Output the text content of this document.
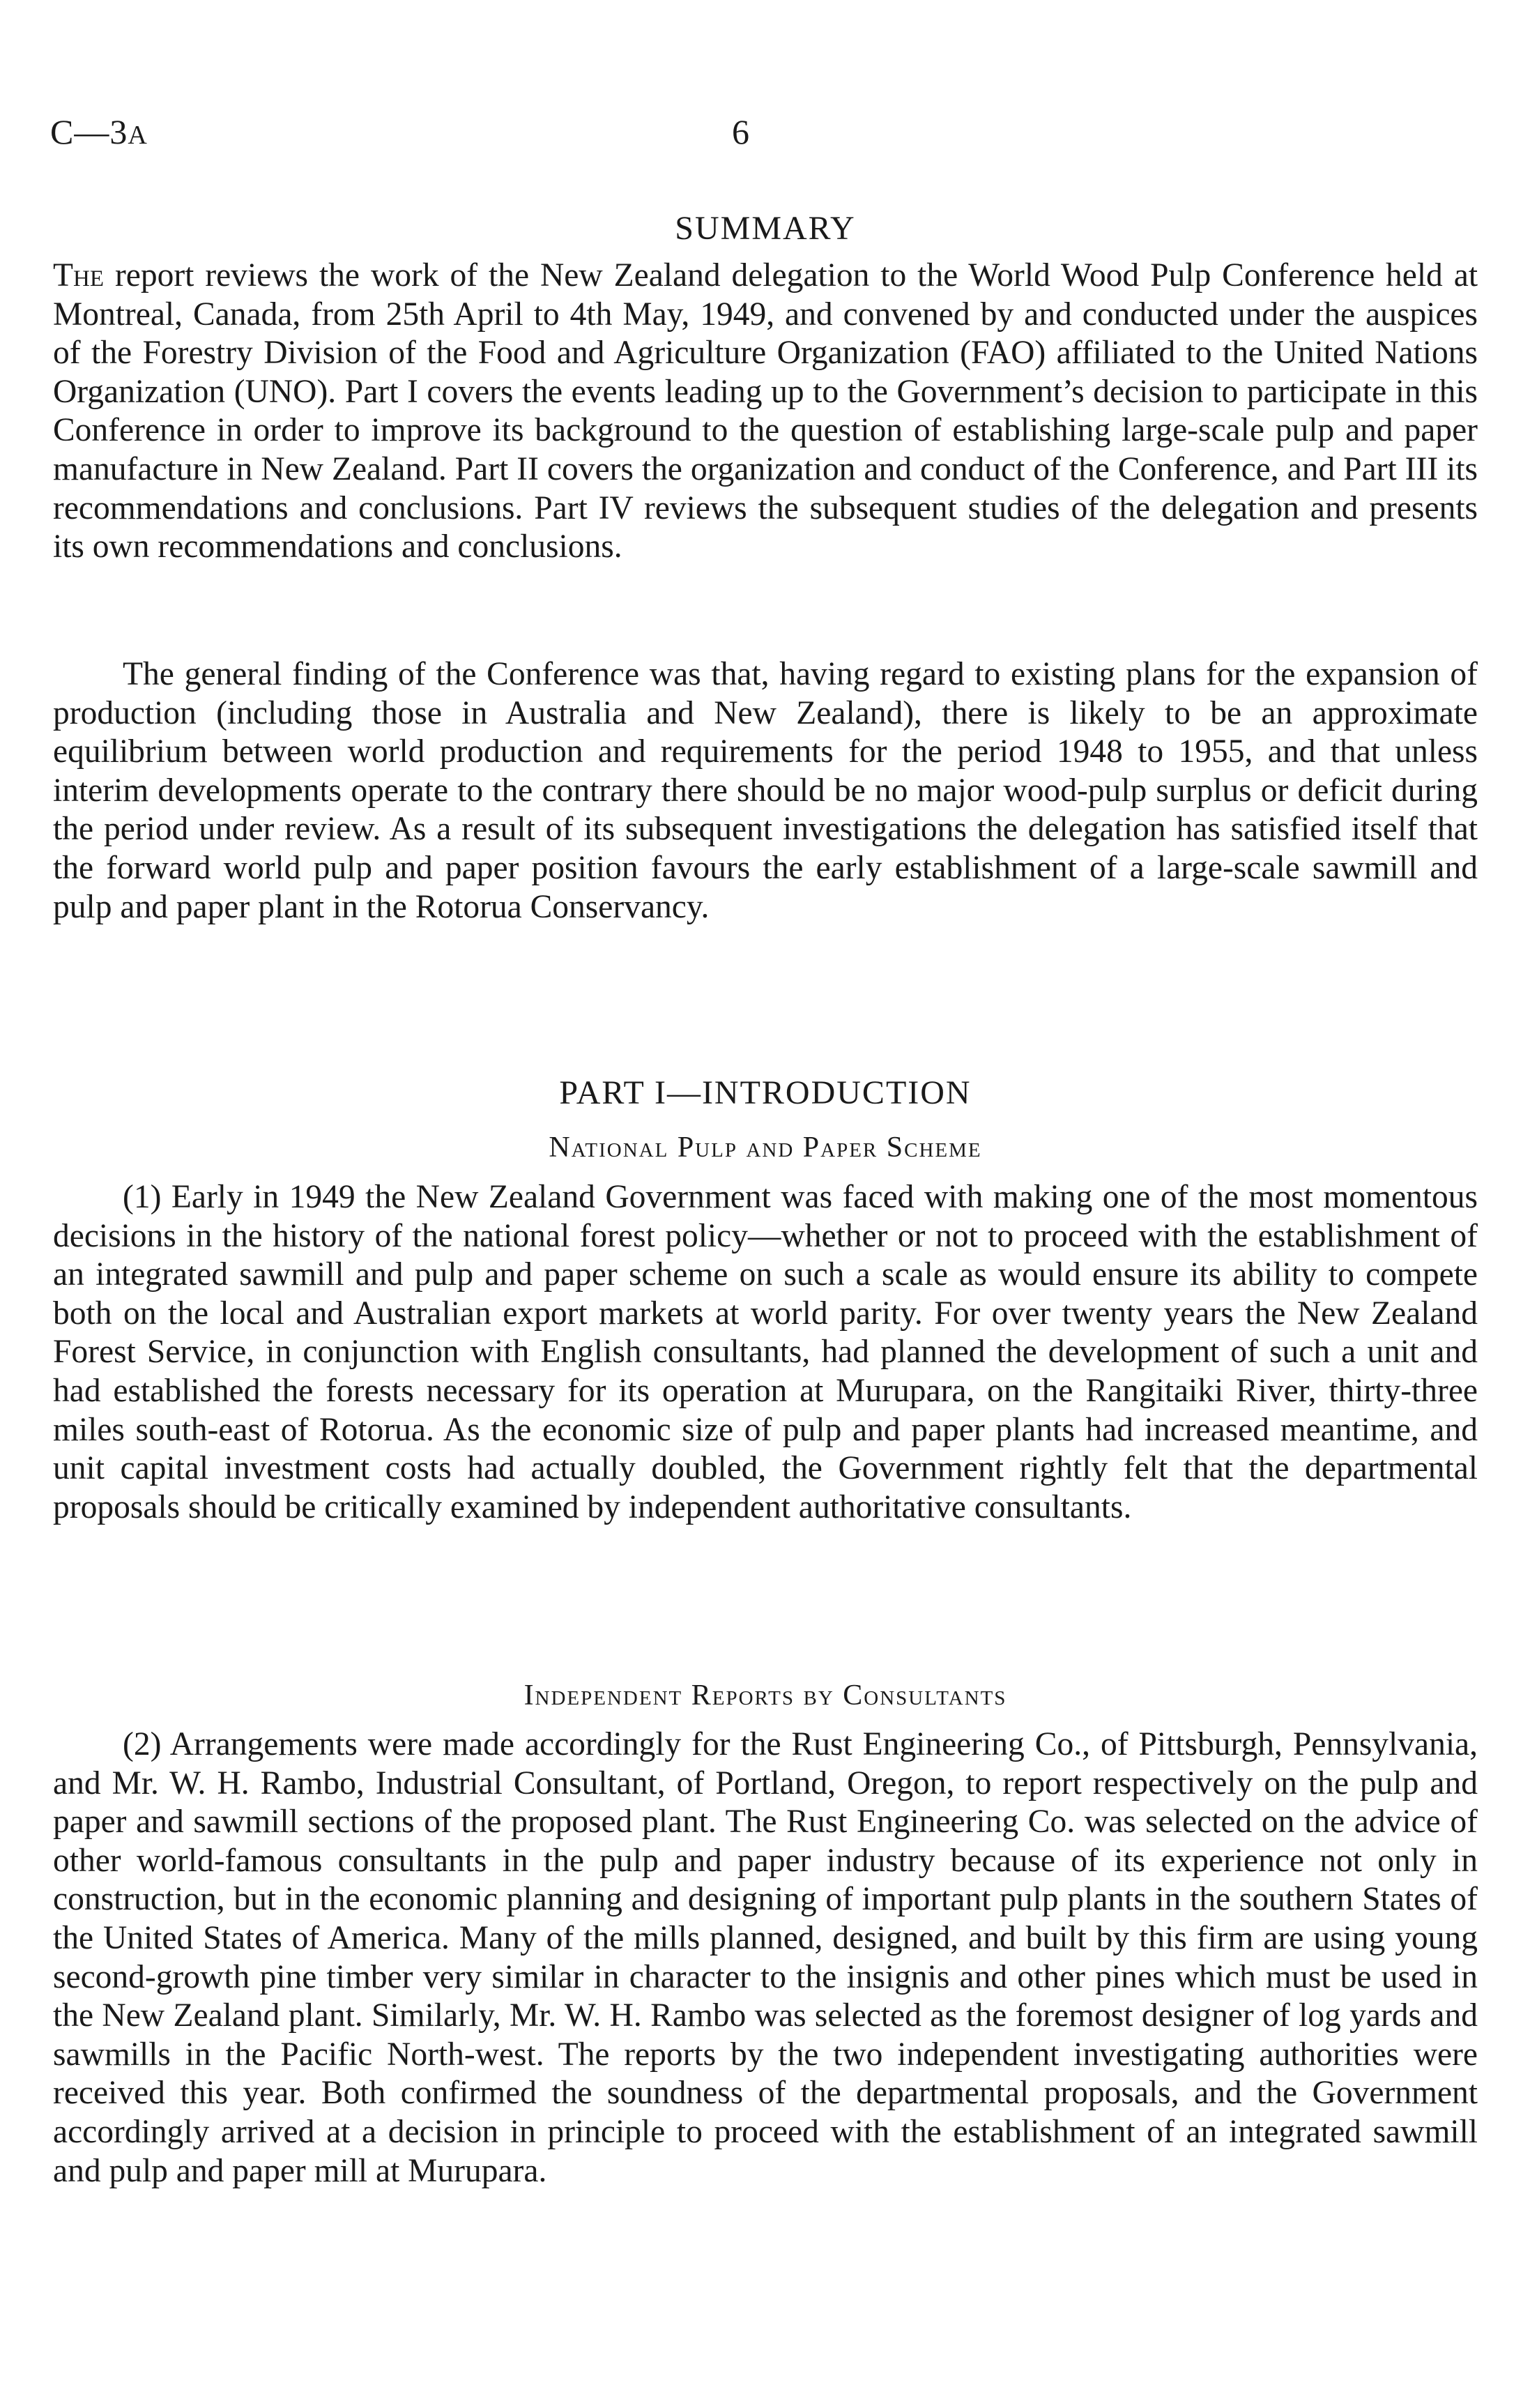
C—3A	6
SUMMARY

The report reviews the work of the New Zealand delegation to the World Wood Pulp Conference held at Montreal, Canada, from 25th April to 4th May, 1949, and convened by and conducted under the auspices of the Forestry Division of the Food and Agriculture Organization (FAO) affiliated to the United Nations Organization (UNO). Part I covers the events leading up to the Government’s decision to participate in this Conference in order to improve its background to the question of establishing large-scale pulp and paper manufacture in New Zealand. Part II covers the organization and conduct of the Conference, and Part III its recommendations and conclusions. Part IV reviews the subsequent studies of the delegation and presents its own recommendations and conclusions.

The general finding of the Conference was that, having regard to existing plans for the expansion of production (including those in Australia and New Zealand), there is likely to be an approximate equilibrium between world production and requirements for the period 1948 to 1955, and that unless interim developments operate to the contrary there should be no major wood-pulp surplus or deficit during the period under review. As a result of its subsequent investigations the delegation has satisfied itself that the forward world pulp and paper position favours the early establishment of a large-scale sawmill and pulp and paper plant in the Rotorua Conservancy.

PART I—INTRODUCTION
National Pulp and Paper Scheme

(1) Early in 1949 the New Zealand Government was faced with making one of the most momentous decisions in the history of the national forest policy—whether or not to proceed with the establishment of an integrated sawmill and pulp and paper scheme on such a scale as would ensure its ability to compete both on the local and Australian export markets at world parity. For over twenty years the New Zealand Forest Service, in conjunction with English consultants, had planned the development of such a unit and had established the forests necessary for its operation at Murupara, on the Rangitaiki River, thirty-three miles south-east of Rotorua. As the economic size of pulp and paper plants had increased meantime, and unit capital investment costs had actually doubled, the Government rightly felt that the departmental proposals should be critically examined by independent authoritative consultants.

Independent Reports by Consultants

(2) Arrangements were made accordingly for the Rust Engineering Co., of Pittsburgh, Pennsylvania, and Mr. W. H. Rambo, Industrial Consultant, of Portland, Oregon, to report respectively on the pulp and paper and sawmill sections of the proposed plant. The Rust Engineering Co. was selected on the advice of other world-famous consultants in the pulp and paper industry because of its experience not only in construction, but in the economic planning and designing of important pulp plants in the southern States of the United States of America. Many of the mills planned, designed, and built by this firm are using young second-growth pine timber very similar in character to the insignis and other pines which must be used in the New Zealand plant. Similarly, Mr. W. H. Rambo was selected as the foremost designer of log yards and sawmills in the Pacific North-west. The reports by the two independent investigating authorities were received this year. Both confirmed the soundness of the departmental proposals, and the Government accordingly arrived at a decision in principle to proceed with the establishment of an integrated sawmill and pulp and paper mill at Murupara.
